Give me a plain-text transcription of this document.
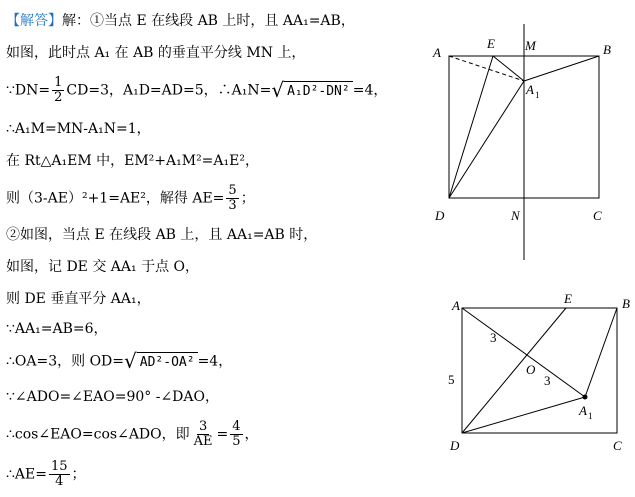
【解答】解：①当点 E 在线段 AB 上时，且 AA₁=AB，
如图，此时点 A₁ 在 AB 的垂直平分线 MN 上，
∵DN= $\frac{1}{2} CD=3$，A₁D=AD=5，∴A₁N= √ A₁D²-DN² =4，
∴A₁M=MN-A₁N=1，
在 Rt△A₁EM 中，EM²+A₁M²=A₁E²，
则（3-AE）²+1=AE²，解得 $AE= \frac{5}{3}$ ；
②如图，当点 E 在线段 AB 上，且 AA₁=AB 时，
如图，记 DE 交 AA₁ 于点 O，
则 DE 垂直平分 AA₁，
∵AA₁=AB=6，
∴OA=3，则 OD= √ AD²-OA² =4，
∵∠ADO=∠EAO=90° -∠DAO，
∴cos∠EAO=cos∠ADO，即 $\frac{3}{AE} = \frac{4}{5}$ ，
∴AE= $\frac{15}{4}$ ；
A
E M	B
A 1
D	N	C
A	E	B
O
A 1
D	C
3
3
5
